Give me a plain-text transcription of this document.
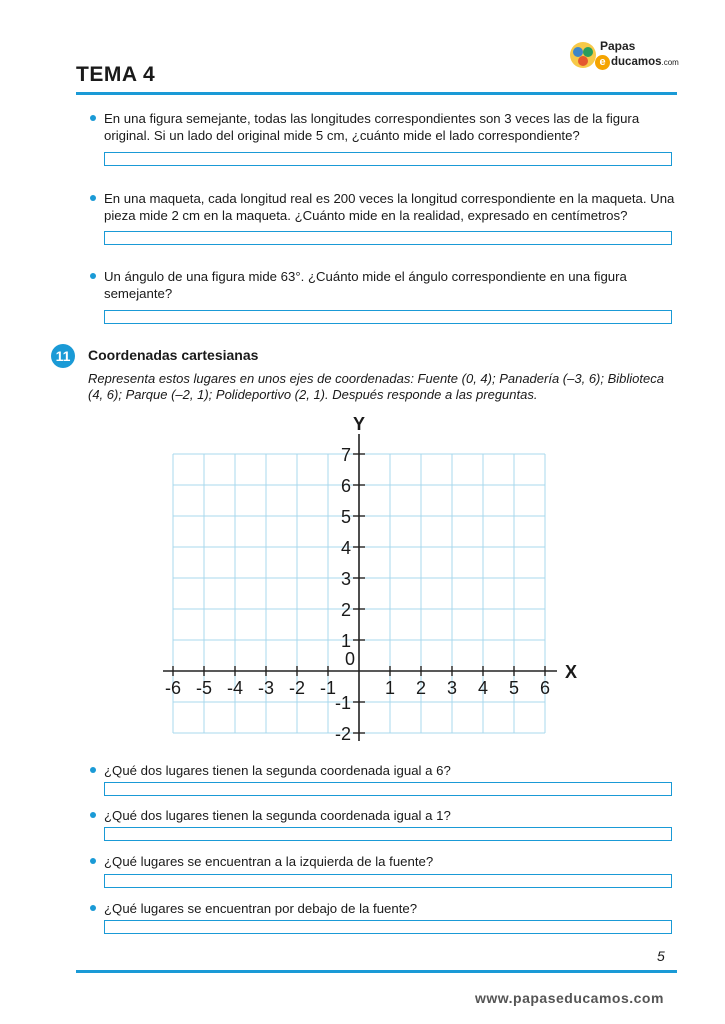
TEMA 4
Papas
e ducamos.com
En una figura semejante, todas las longitudes correspondientes son 3 veces las de la figura original. Si un lado del original mide 5 cm, ¿cuánto mide el lado correspondiente?
En una maqueta, cada longitud real es 200 veces la longitud correspondiente en la maqueta. Una pieza mide 2 cm en la maqueta. ¿Cuánto mide en la realidad, expresado en centímetros?
Un ángulo de una figura mide 63°. ¿Cuánto mide el ángulo correspondiente en una figura semejante?
11	Coordenadas cartesianas
Representa estos lugares en unos ejes de coordenadas: Fuente (0, 4); Panadería (–3, 6); Biblioteca (4, 6); Parque (–2, 1); Polideportivo (2, 1). Después responde a las preguntas.
-6 -5 -4 -3 -2 -1	1 2 3 4 5 6
7
6
5
4
3
2
1
-1
-2
0
X
Y
¿Qué dos lugares tienen la segunda coordenada igual a 6?
¿Qué dos lugares tienen la segunda coordenada igual a 1?
¿Qué lugares se encuentran a la izquierda de la fuente?
¿Qué lugares se encuentran por debajo de la fuente?
5
www.papaseducamos.com
